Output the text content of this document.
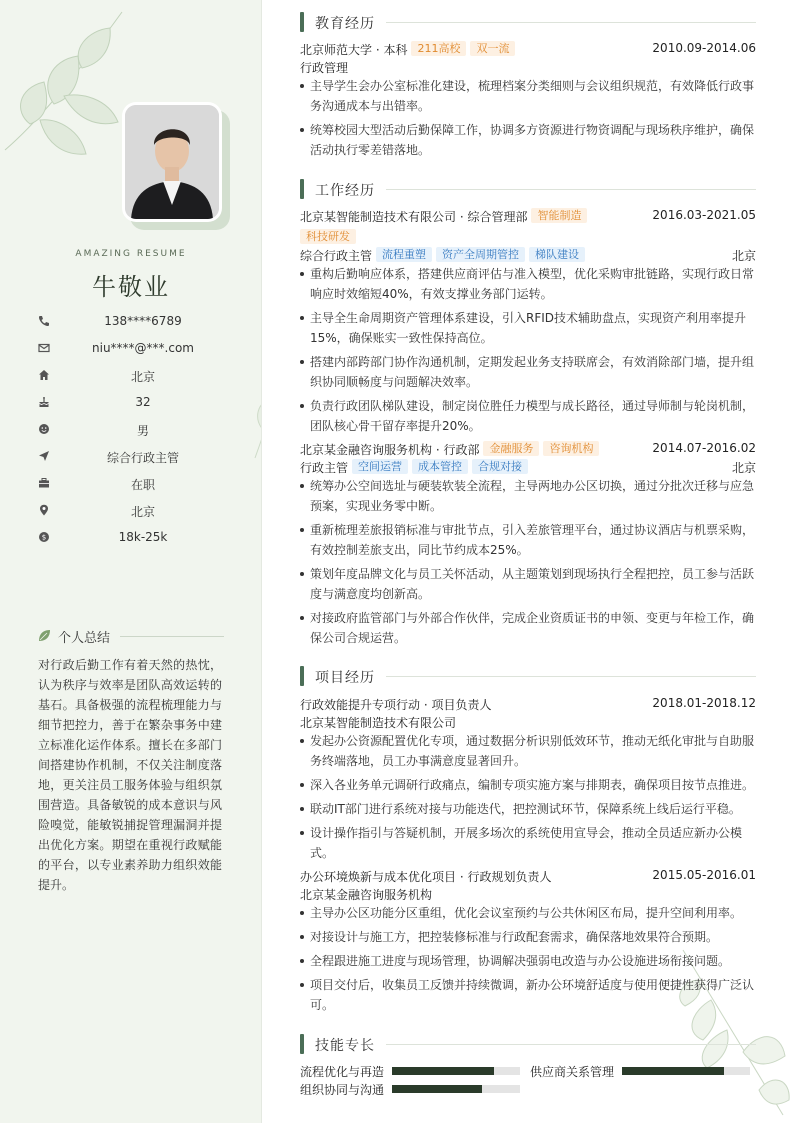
AMAZING RESUME
牛敬业
138****6789
niu****@***.com
北京
32
男
综合行政主管
在职
北京
$	18k-25k
个人总结
对行政后勤工作有着天然的热忱，认为秩序与效率是团队高效运转的基石。具备极强的流程梳理能力与细节把控力，善于在繁杂事务中建立标准化运作体系。擅长在多部门间搭建协作机制，不仅关注制度落地，更关注员工服务体验与组织氛围营造。具备敏锐的成本意识与风险嗅觉，能敏锐捕捉管理漏洞并提出优化方案。期望在重视行政赋能的平台，以专业素养助力组织效能提升。
教育经历
北京师范大学 · 本科 211高校 双一流	2010.09-2014.06
行政管理
主导学生会办公室标准化建设，梳理档案分类细则与会议组织规范，有效降低行政事务沟通成本与出错率。
统筹校园大型活动后勤保障工作，协调多方资源进行物资调配与现场秩序维护，确保活动执行零差错落地。
工作经历
北京某智能制造技术有限公司 · 综合管理部 智能制造	2016.03-2021.05
科技研发
综合行政主管 流程重塑 资产全周期管控 梯队建设	北京
重构后勤响应体系，搭建供应商评估与准入模型，优化采购审批链路，实现行政日常响应时效缩短40%，有效支撑业务部门运转。
主导全生命周期资产管理体系建设，引入RFID技术辅助盘点，实现资产利用率提升15%，确保账实一致性保持高位。
搭建内部跨部门协作沟通机制，定期发起业务支持联席会，有效消除部门墙，提升组织协同顺畅度与问题解决效率。
负责行政团队梯队建设，制定岗位胜任力模型与成长路径，通过导师制与轮岗机制，团队核心骨干留存率提升20%。
北京某金融咨询服务机构 · 行政部 金融服务 咨询机构	2014.07-2016.02
行政主管 空间运营 成本管控 合规对接	北京
统筹办公空间选址与硬装软装全流程，主导两地办公区切换，通过分批次迁移与应急预案，实现业务零中断。
重新梳理差旅报销标准与审批节点，引入差旅管理平台，通过协议酒店与机票采购，有效控制差旅支出，同比节约成本25%。
策划年度品牌文化与员工关怀活动，从主题策划到现场执行全程把控，员工参与活跃度与满意度均创新高。
对接政府监管部门与外部合作伙伴，完成企业资质证书的申领、变更与年检工作，确保公司合规运营。
项目经历
行政效能提升专项行动 · 项目负责人	2018.01-2018.12
北京某智能制造技术有限公司
发起办公资源配置优化专项，通过数据分析识别低效环节，推动无纸化审批与自助服务终端落地，员工办事满意度显著回升。
深入各业务单元调研行政痛点，编制专项实施方案与排期表，确保项目按节点推进。
联动IT部门进行系统对接与功能迭代，把控测试环节，保障系统上线后运行平稳。
设计操作指引与答疑机制，开展多场次的系统使用宣导会，推动全员适应新办公模式。
办公环境焕新与成本优化项目 · 行政规划负责人	2015.05-2016.01
北京某金融咨询服务机构
主导办公区功能分区重组，优化会议室预约与公共休闲区布局，提升空间利用率。
对接设计与施工方，把控装修标准与行政配套需求，确保落地效果符合预期。
全程跟进施工进度与现场管理，协调解决强弱电改造与办公设施进场衔接问题。
项目交付后，收集员工反馈并持续微调，新办公环境舒适度与使用便捷性获得广泛认可。
技能专长
流程优化与再造	供应商关系管理
组织协同与沟通
